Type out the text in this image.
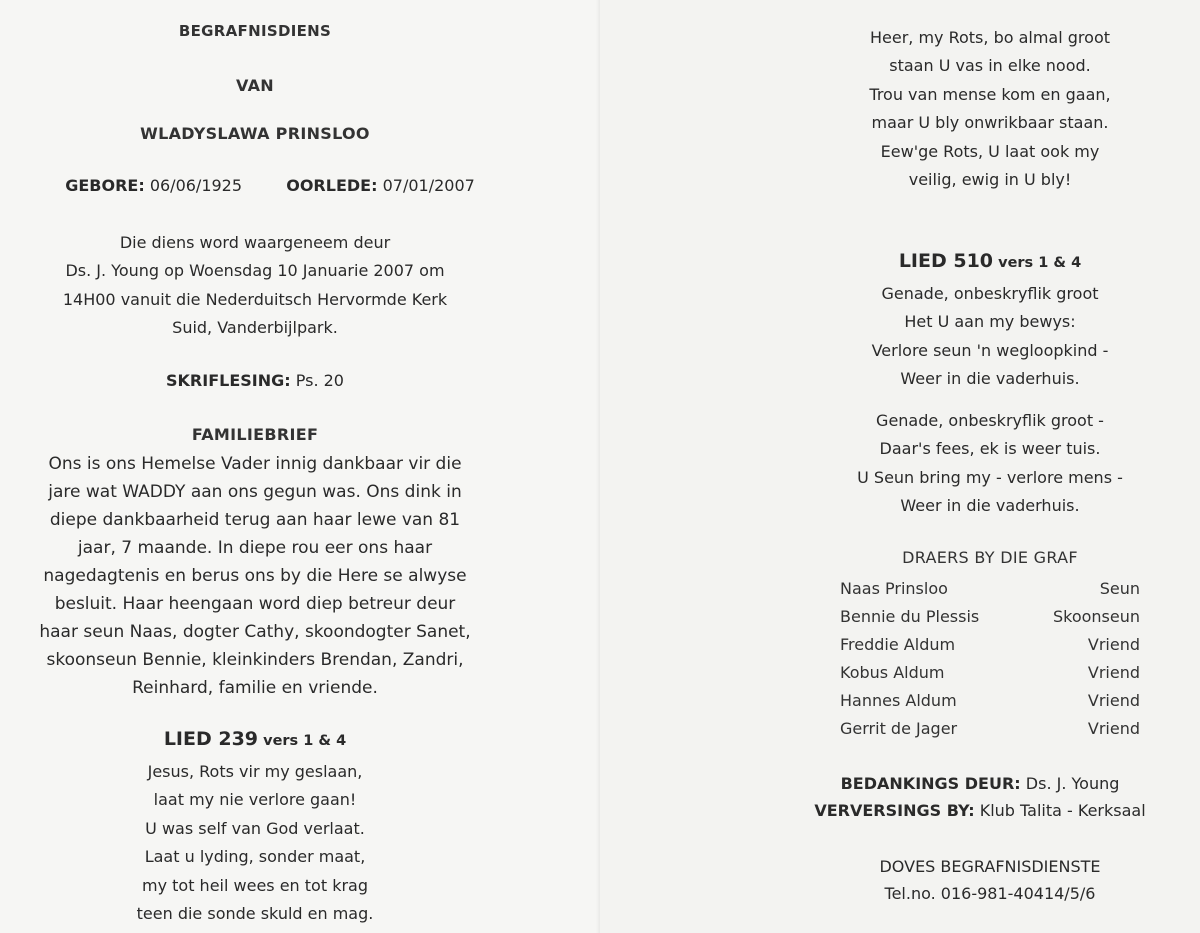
BEGRAFNISDIENS
VAN
WLADYSLAWA PRINSLOO
GEBORE: 06/06/1925	OORLEDE: 07/01/2007
Die diens word waargeneem deur
Ds. J. Young op Woensdag 10 Januarie 2007 om
14H00 vanuit die Nederduitsch Hervormde Kerk
Suid, Vanderbijlpark.
SKRIFLESING: Ps. 20
FAMILIEBRIEF
Ons is ons Hemelse Vader innig dankbaar vir die
jare wat WADDY aan ons gegun was. Ons dink in
diepe dankbaarheid terug aan haar lewe van 81
jaar, 7 maande. In diepe rou eer ons haar
nagedagtenis en berus ons by die Here se alwyse
besluit. Haar heengaan word diep betreur deur
haar seun Naas, dogter Cathy, skoondogter Sanet,
skoonseun Bennie, kleinkinders Brendan, Zandri,
Reinhard, familie en vriende.
LIED 239 vers 1 & 4
Jesus, Rots vir my geslaan,
laat my nie verlore gaan!
U was self van God verlaat.
Laat u lyding, sonder maat,
my tot heil wees en tot krag
teen die sonde skuld en mag.
Heer, my Rots, bo almal groot
staan U vas in elke nood.
Trou van mense kom en gaan,
maar U bly onwrikbaar staan.
Eew'ge Rots, U laat ook my
veilig, ewig in U bly!
LIED 510 vers 1 & 4
Genade, onbeskryflik groot
Het U aan my bewys:
Verlore seun 'n wegloopkind -
Weer in die vaderhuis.
Genade, onbeskryflik groot -
Daar's fees, ek is weer tuis.
U Seun bring my - verlore mens -
Weer in die vaderhuis.
DRAERS BY DIE GRAF
Naas Prinsloo	Seun
Bennie du Plessis	Skoonseun
Freddie Aldum	Vriend
Kobus Aldum	Vriend
Hannes Aldum	Vriend
Gerrit de Jager	Vriend
BEDANKINGS DEUR: Ds. J. Young
VERVERSINGS BY: Klub Talita - Kerksaal
DOVES BEGRAFNISDIENSTE
Tel.no. 016-981-40414/5/6
